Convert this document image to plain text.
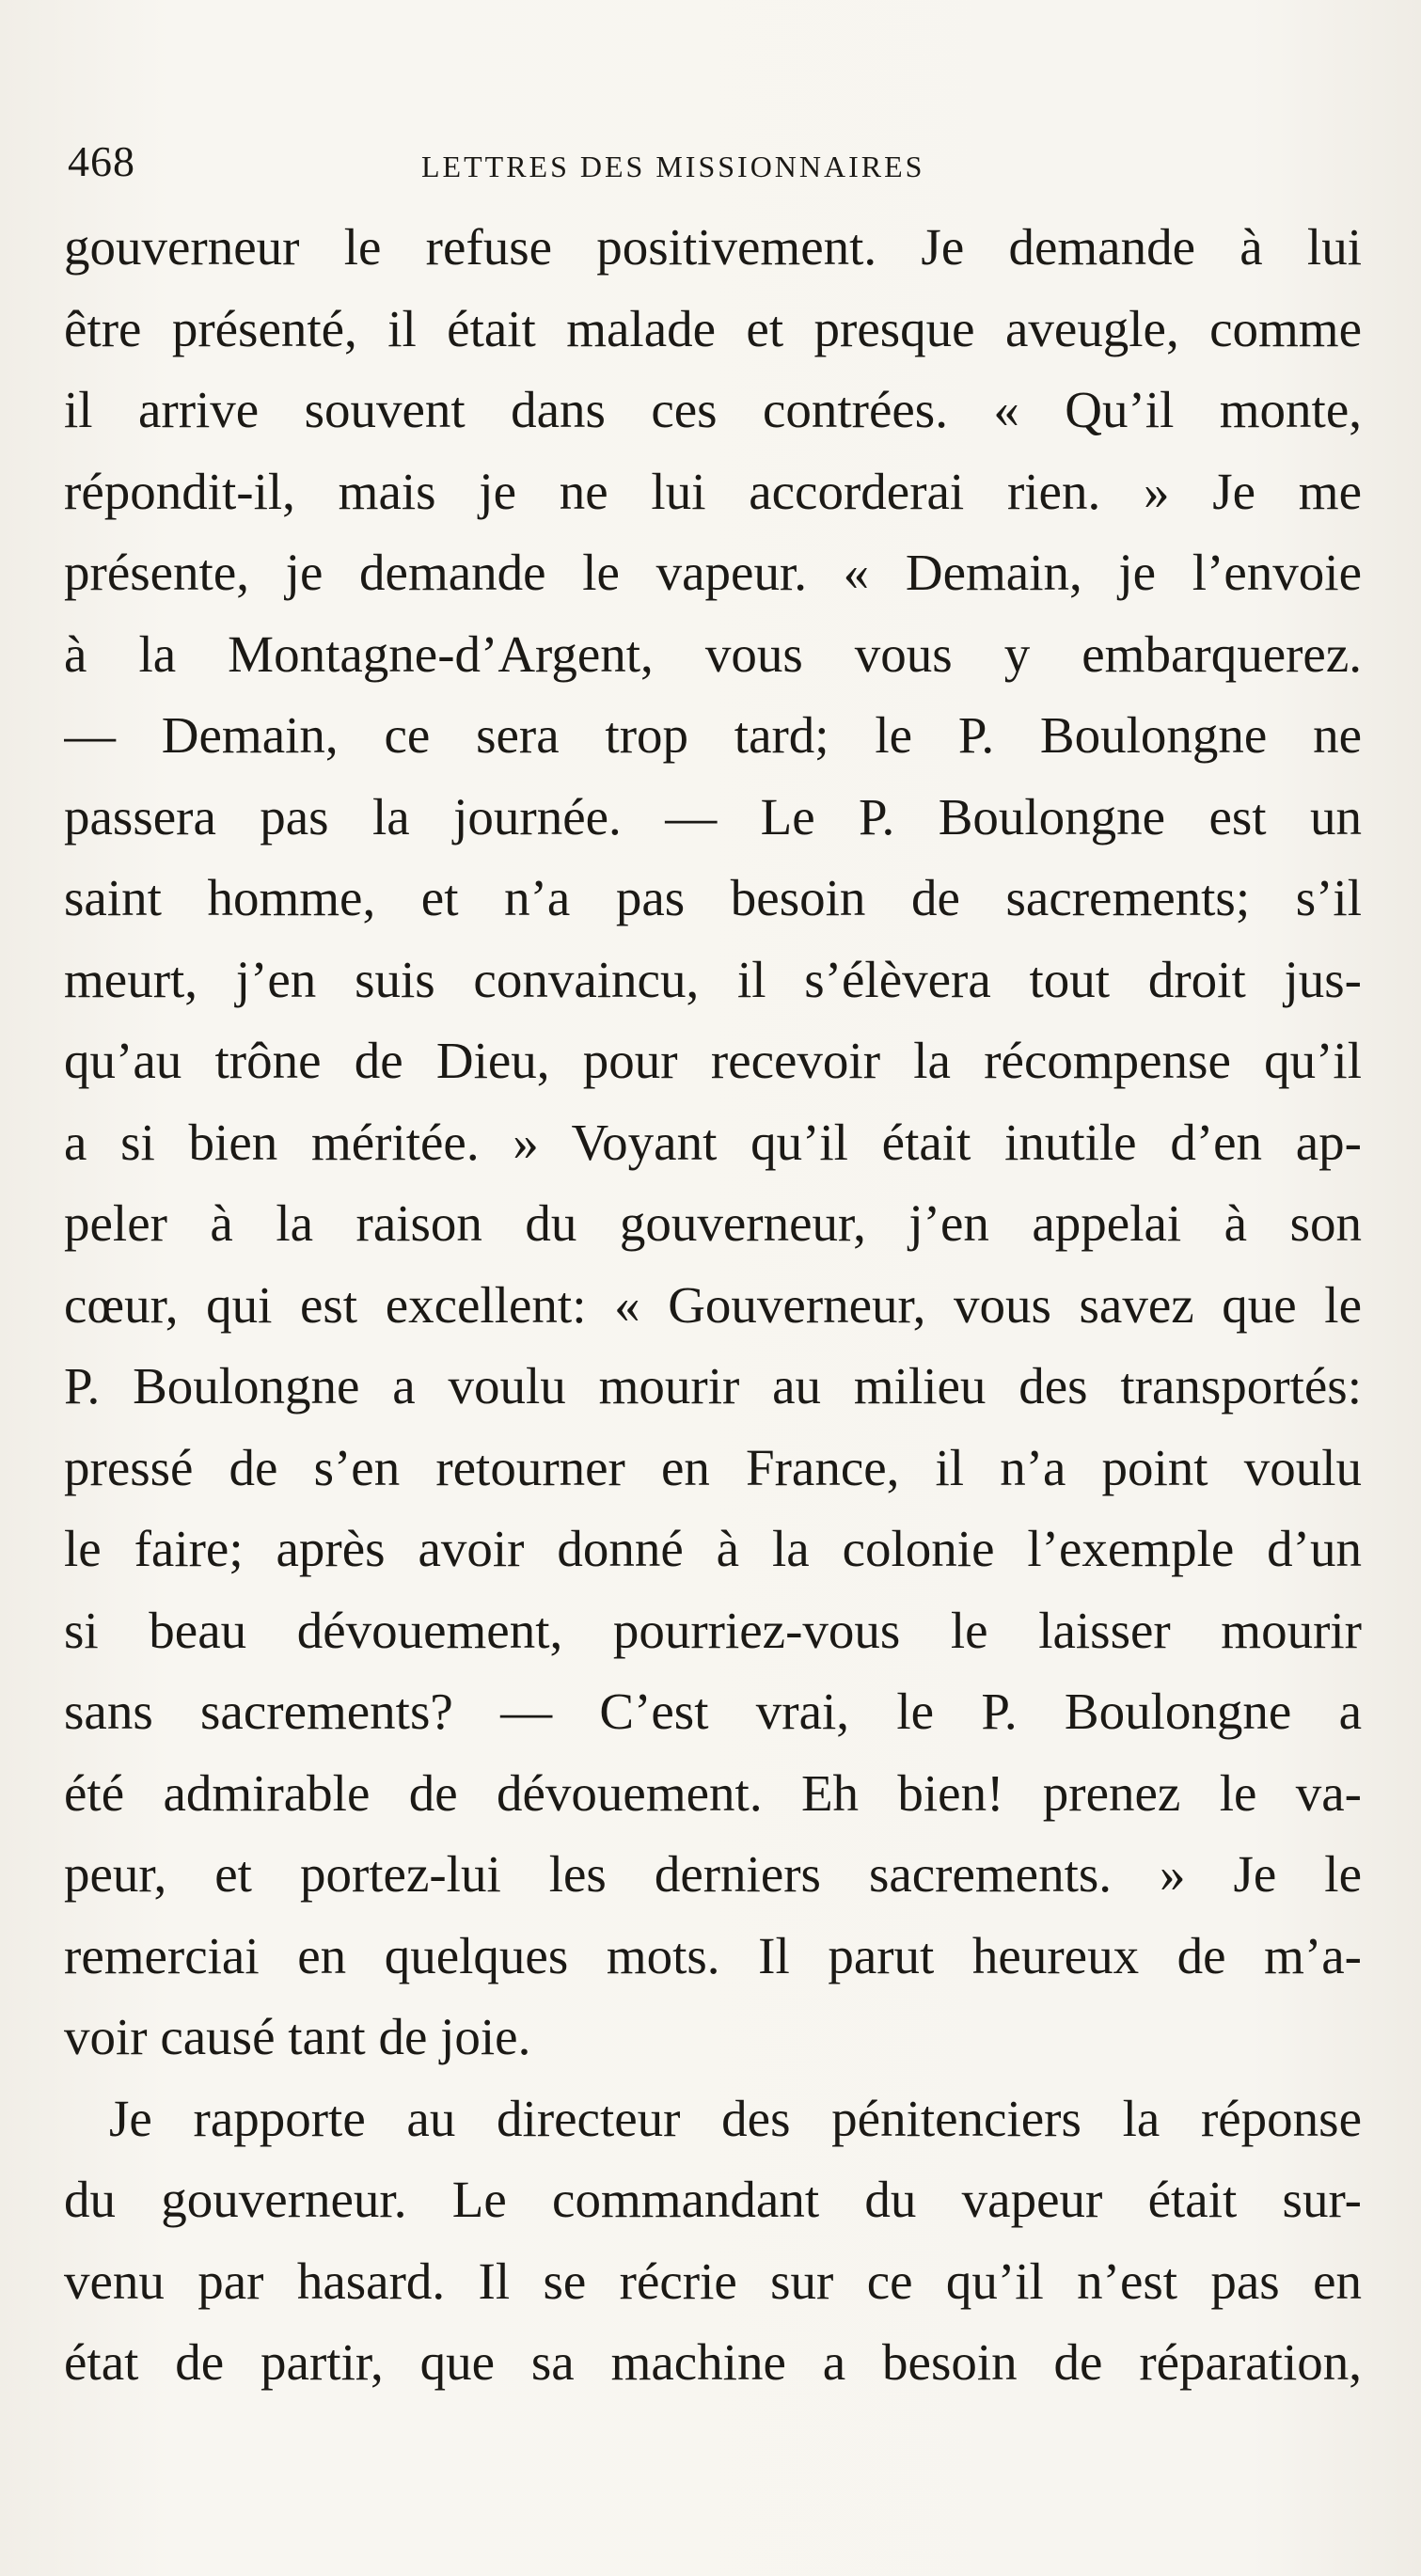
468	LETTRES DES MISSIONNAIRES
gouverneur le refuse positivement. Je demande à lui
être présenté, il était malade et presque aveugle, comme
il arrive souvent dans ces contrées. « Qu’il monte,
répondit-il, mais je ne lui accorderai rien. » Je me
présente, je demande le vapeur. « Demain, je l’envoie
à la Montagne-d’Argent, vous vous y embarquerez.
— Demain, ce sera trop tard; le P. Boulongne ne
passera pas la journée. — Le P. Boulongne est un
saint homme, et n’a pas besoin de sacrements; s’il
meurt, j’en suis convaincu, il s’élèvera tout droit jus-
qu’au trône de Dieu, pour recevoir la récompense qu’il
a si bien méritée. » Voyant qu’il était inutile d’en ap-
peler à la raison du gouverneur, j’en appelai à son
cœur, qui est excellent: « Gouverneur, vous savez que le
P. Boulongne a voulu mourir au milieu des transportés:
pressé de s’en retourner en France, il n’a point voulu
le faire; après avoir donné à la colonie l’exemple d’un
si beau dévouement, pourriez-vous le laisser mourir
sans sacrements? — C’est vrai, le P. Boulongne a
été admirable de dévouement. Eh bien! prenez le va-
peur, et portez-lui les derniers sacrements. » Je le
remerciai en quelques mots. Il parut heureux de m’a-
voir causé tant de joie.
Je rapporte au directeur des pénitenciers la réponse
du gouverneur. Le commandant du vapeur était sur-
venu par hasard. Il se récrie sur ce qu’il n’est pas en
état de partir, que sa machine a besoin de réparation,
